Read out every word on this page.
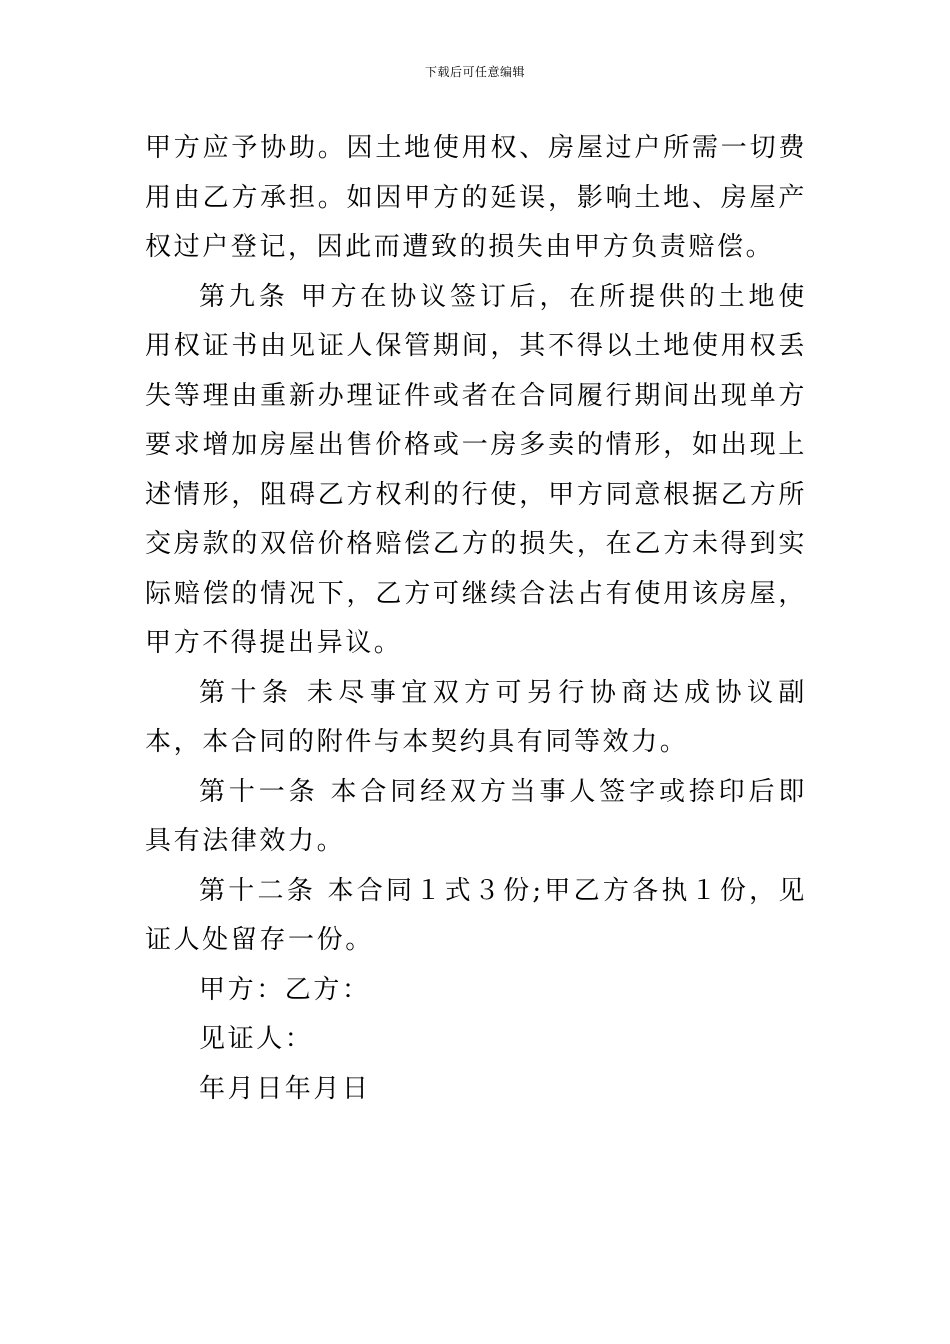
下载后可任意编辑

甲方应予协助。因土地使用权、房屋过户所需一切费用由乙方承担。如因甲方的延误，影响土地、房屋产权过户登记，因此而遭致的损失由甲方负责赔偿。

第九条 甲方在协议签订后，在所提供的土地使用权证书由见证人保管期间，其不得以土地使用权丢失等理由重新办理证件或者在合同履行期间出现单方要求增加房屋出售价格或一房多卖的情形，如出现上述情形，阻碍乙方权利的行使，甲方同意根据乙方所交房款的双倍价格赔偿乙方的损失，在乙方未得到实际赔偿的情况下，乙方可继续合法占有使用该房屋，甲方不得提出异议。

第十条 未尽事宜双方可另行协商达成协议副本，本合同的附件与本契约具有同等效力。

第十一条 本合同经双方当事人签字或捺印后即具有法律效力。

第十二条 本合同１式３份;甲乙方各执１份，见证人处留存一份。

甲方：乙方：

见证人：

年月日年月日
